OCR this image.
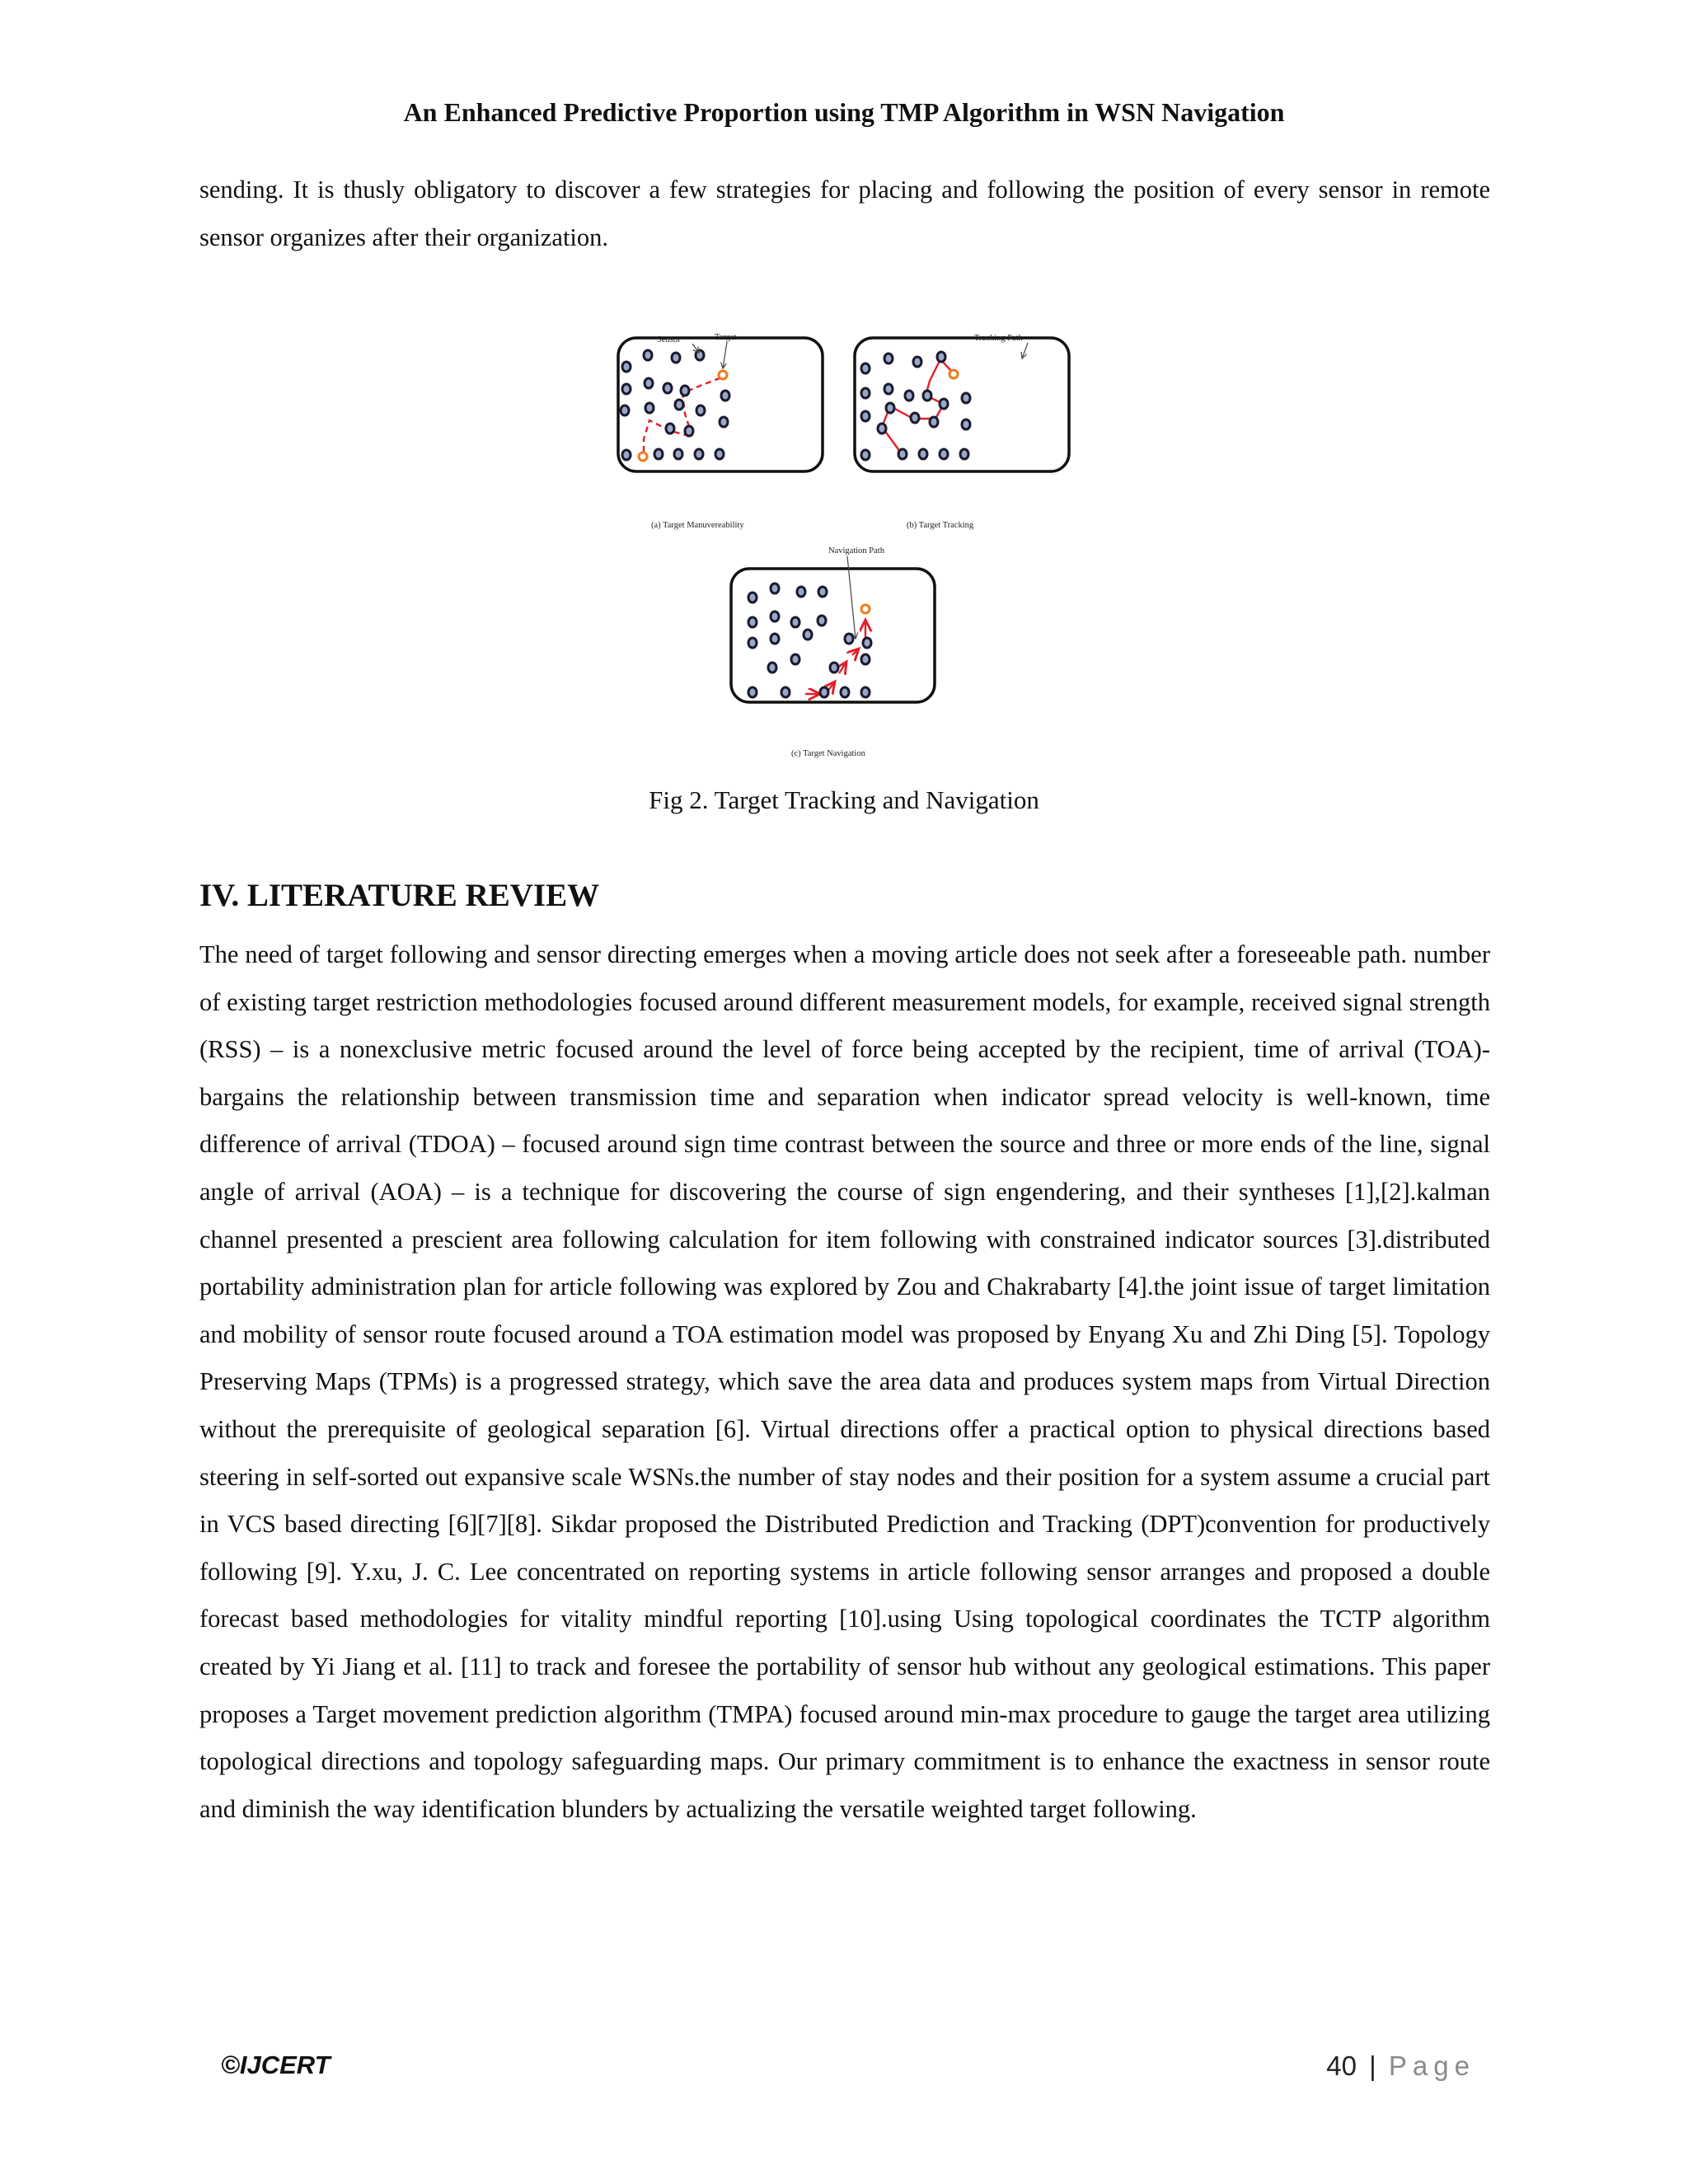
An Enhanced Predictive Proportion using TMP Algorithm in WSN Navigation

sending. It is thusly obligatory to discover a few strategies for placing and following the position of every sensor in remote sensor organizes after their organization.

Sensor	Target
(a) Target Manuvereability
Tracking Path
(b) Target Tracking
Navigation Path
(c) Target Navigation
Fig 2. Target Tracking and Navigation
IV. LITERATURE REVIEW

The need of target following and sensor directing emerges when a moving article does not seek after a foreseeable path. number of existing target restriction methodologies focused around different measurement models, for example, received signal strength (RSS) – is a nonexclusive metric focused around the level of force being accepted by the recipient, time of arrival (TOA)-bargains the relationship between transmission time and separation when indicator spread velocity is well-known, time difference of arrival (TDOA) – focused around sign time contrast between the source and three or more ends of the line, signal angle of arrival (AOA) – is a technique for discovering the course of sign engendering, and their syntheses [1],[2].kalman channel presented a prescient area following calculation for item following with constrained indicator sources [3].distributed portability administration plan for article following was explored by Zou and Chakrabarty [4].the joint issue of target limitation and mobility of sensor route focused around a TOA estimation model was proposed by Enyang Xu and Zhi Ding [5]. Topology Preserving Maps (TPMs) is a progressed strategy, which save the area data and produces system maps from Virtual Direction without the prerequisite of geological separation [6]. Virtual directions offer a practical option to physical directions based steering in self-sorted out expansive scale WSNs.the number of stay nodes and their position for a system assume a crucial part in VCS based directing [6][7][8]. Sikdar proposed the Distributed Prediction and Tracking (DPT)convention for productively following [9]. Y.xu, J. C. Lee concentrated on reporting systems in article following sensor arranges and proposed a double forecast based methodologies for vitality mindful reporting [10].using Using topological coordinates the TCTP algorithm created by Yi Jiang et al. [11] to track and foresee the portability of sensor hub without any geological estimations. This paper proposes a Target movement prediction algorithm (TMPA) focused around min-max procedure to gauge the target area utilizing topological directions and topology safeguarding maps. Our primary commitment is to enhance the exactness in sensor route and diminish the way identification blunders by actualizing the versatile weighted target following.

©IJCERT	40 | Page
